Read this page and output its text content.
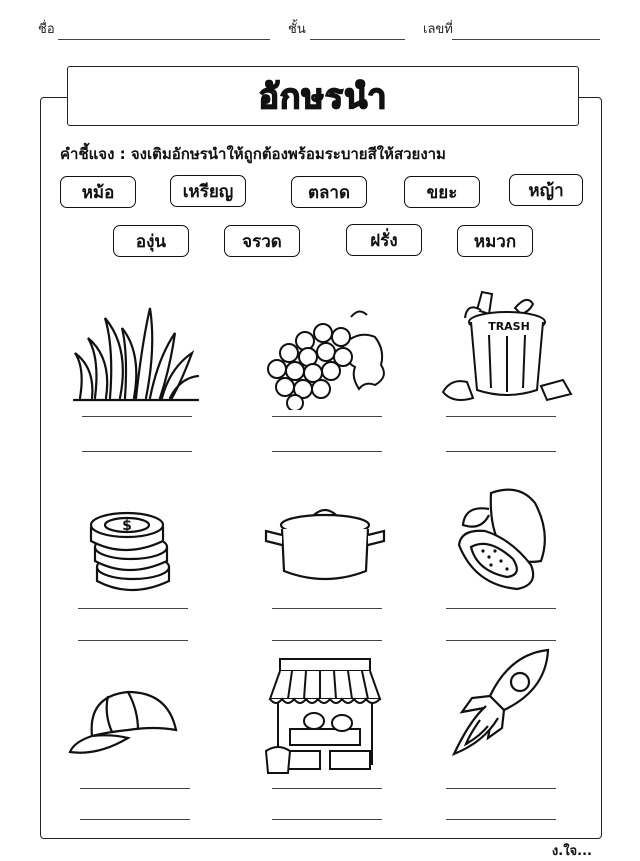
ชื่อ	ชั้น	เลขที่
อักษรนำ
คำชี้แจง : จงเติมอักษรนำให้ถูกต้องพร้อมระบายสีให้สวยงาม
หม้อ	เหรียญ	ตลาด	ขยะ	หญ้า
องุ่น	จรวด	ฝรั่ง	หมวก
TRASH
$
ง.ใจ...
